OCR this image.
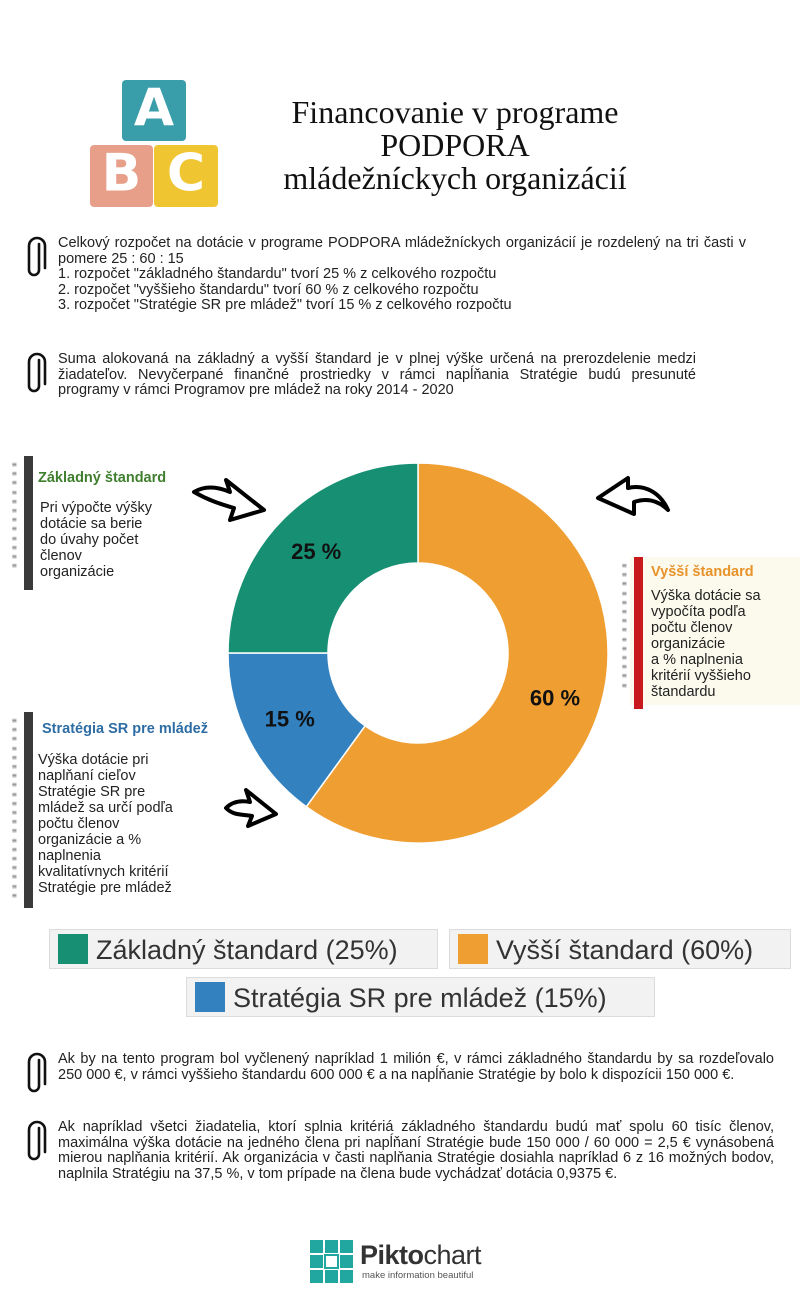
A
B C
Financovanie v programe
PODPORA
mládežníckych organizácií

Celkový rozpočet na dotácie v programe PODPORA mládežníckych organizácií je rozdelený na tri časti v pomere 25 : 60 : 15

1. rozpočet "základného štandardu" tvorí 25 % z celkového rozpočtu

2. rozpočet "vyššieho štandardu" tvorí 60 % z celkového rozpočtu

3. rozpočet "Stratégie SR pre mládež" tvorí 15 % z celkového rozpočtu

Suma alokovaná na základný a vyšší štandard je v plnej výške určená na prerozdelenie medzi žiadateľov. Nevyčerpané finančné prostriedky v rámci napĺňania Stratégie budú presunuté programy v rámci Programov pre mládež na roky 2014 - 2020

≡
≡
≡
≡
≡
≡
≡
≡
≡
≡
≡
≡
Základný štandard
Pri výpočte výšky
dotácie sa berie
do úvahy počet
členov
organizácie	≡
≡
≡
≡
≡
≡
≡
≡
≡
≡
≡
≡
≡
≡
Vyšší štandard
Výška dotácie sa
vypočíta podľa
počtu členov
organizácie
a % naplnenia
kritérií vyššieho
štandardu
≡
≡
≡
≡
≡
≡
≡
≡
≡
≡
≡
≡
≡
≡
≡
≡
≡
≡
≡
≡
Stratégia SR pre mládež
Výška dotácie pri
naplňaní cieľov
Stratégie SR pre
mládež sa určí podľa
počtu členov
organizácie a %
naplnenia
kvalitatívnych kritérií
Stratégie pre mládež
60 %
15 %
25 %
Základný štandard (25%)	Vyšší štandard (60%)
Stratégia SR pre mládež (15%)

Ak by na tento program bol vyčlenený napríklad 1 milión €, v rámci základného štandardu by sa rozdeľovalo 250 000 €, v rámci vyššieho štandardu 600 000 € a na napĺňanie Stratégie by bolo k dispozícii 150 000 €.

Ak napríklad všetci žiadatelia, ktorí splnia kritériá základného štandardu budú mať spolu 60 tisíc členov, maximálna výška dotácie na jedného člena pri napĺňaní Stratégie bude 150 000 / 60 000 = 2,5 € vynásobená mierou naplňania kritérií. Ak organizácia v časti naplňania Stratégie dosiahla napríklad 6 z 16 možných bodov, naplnila Stratégiu na 37,5 %, v tom prípade na člena bude vychádzať dotácia 0,9375 €.

Piktochart
make information beautiful
